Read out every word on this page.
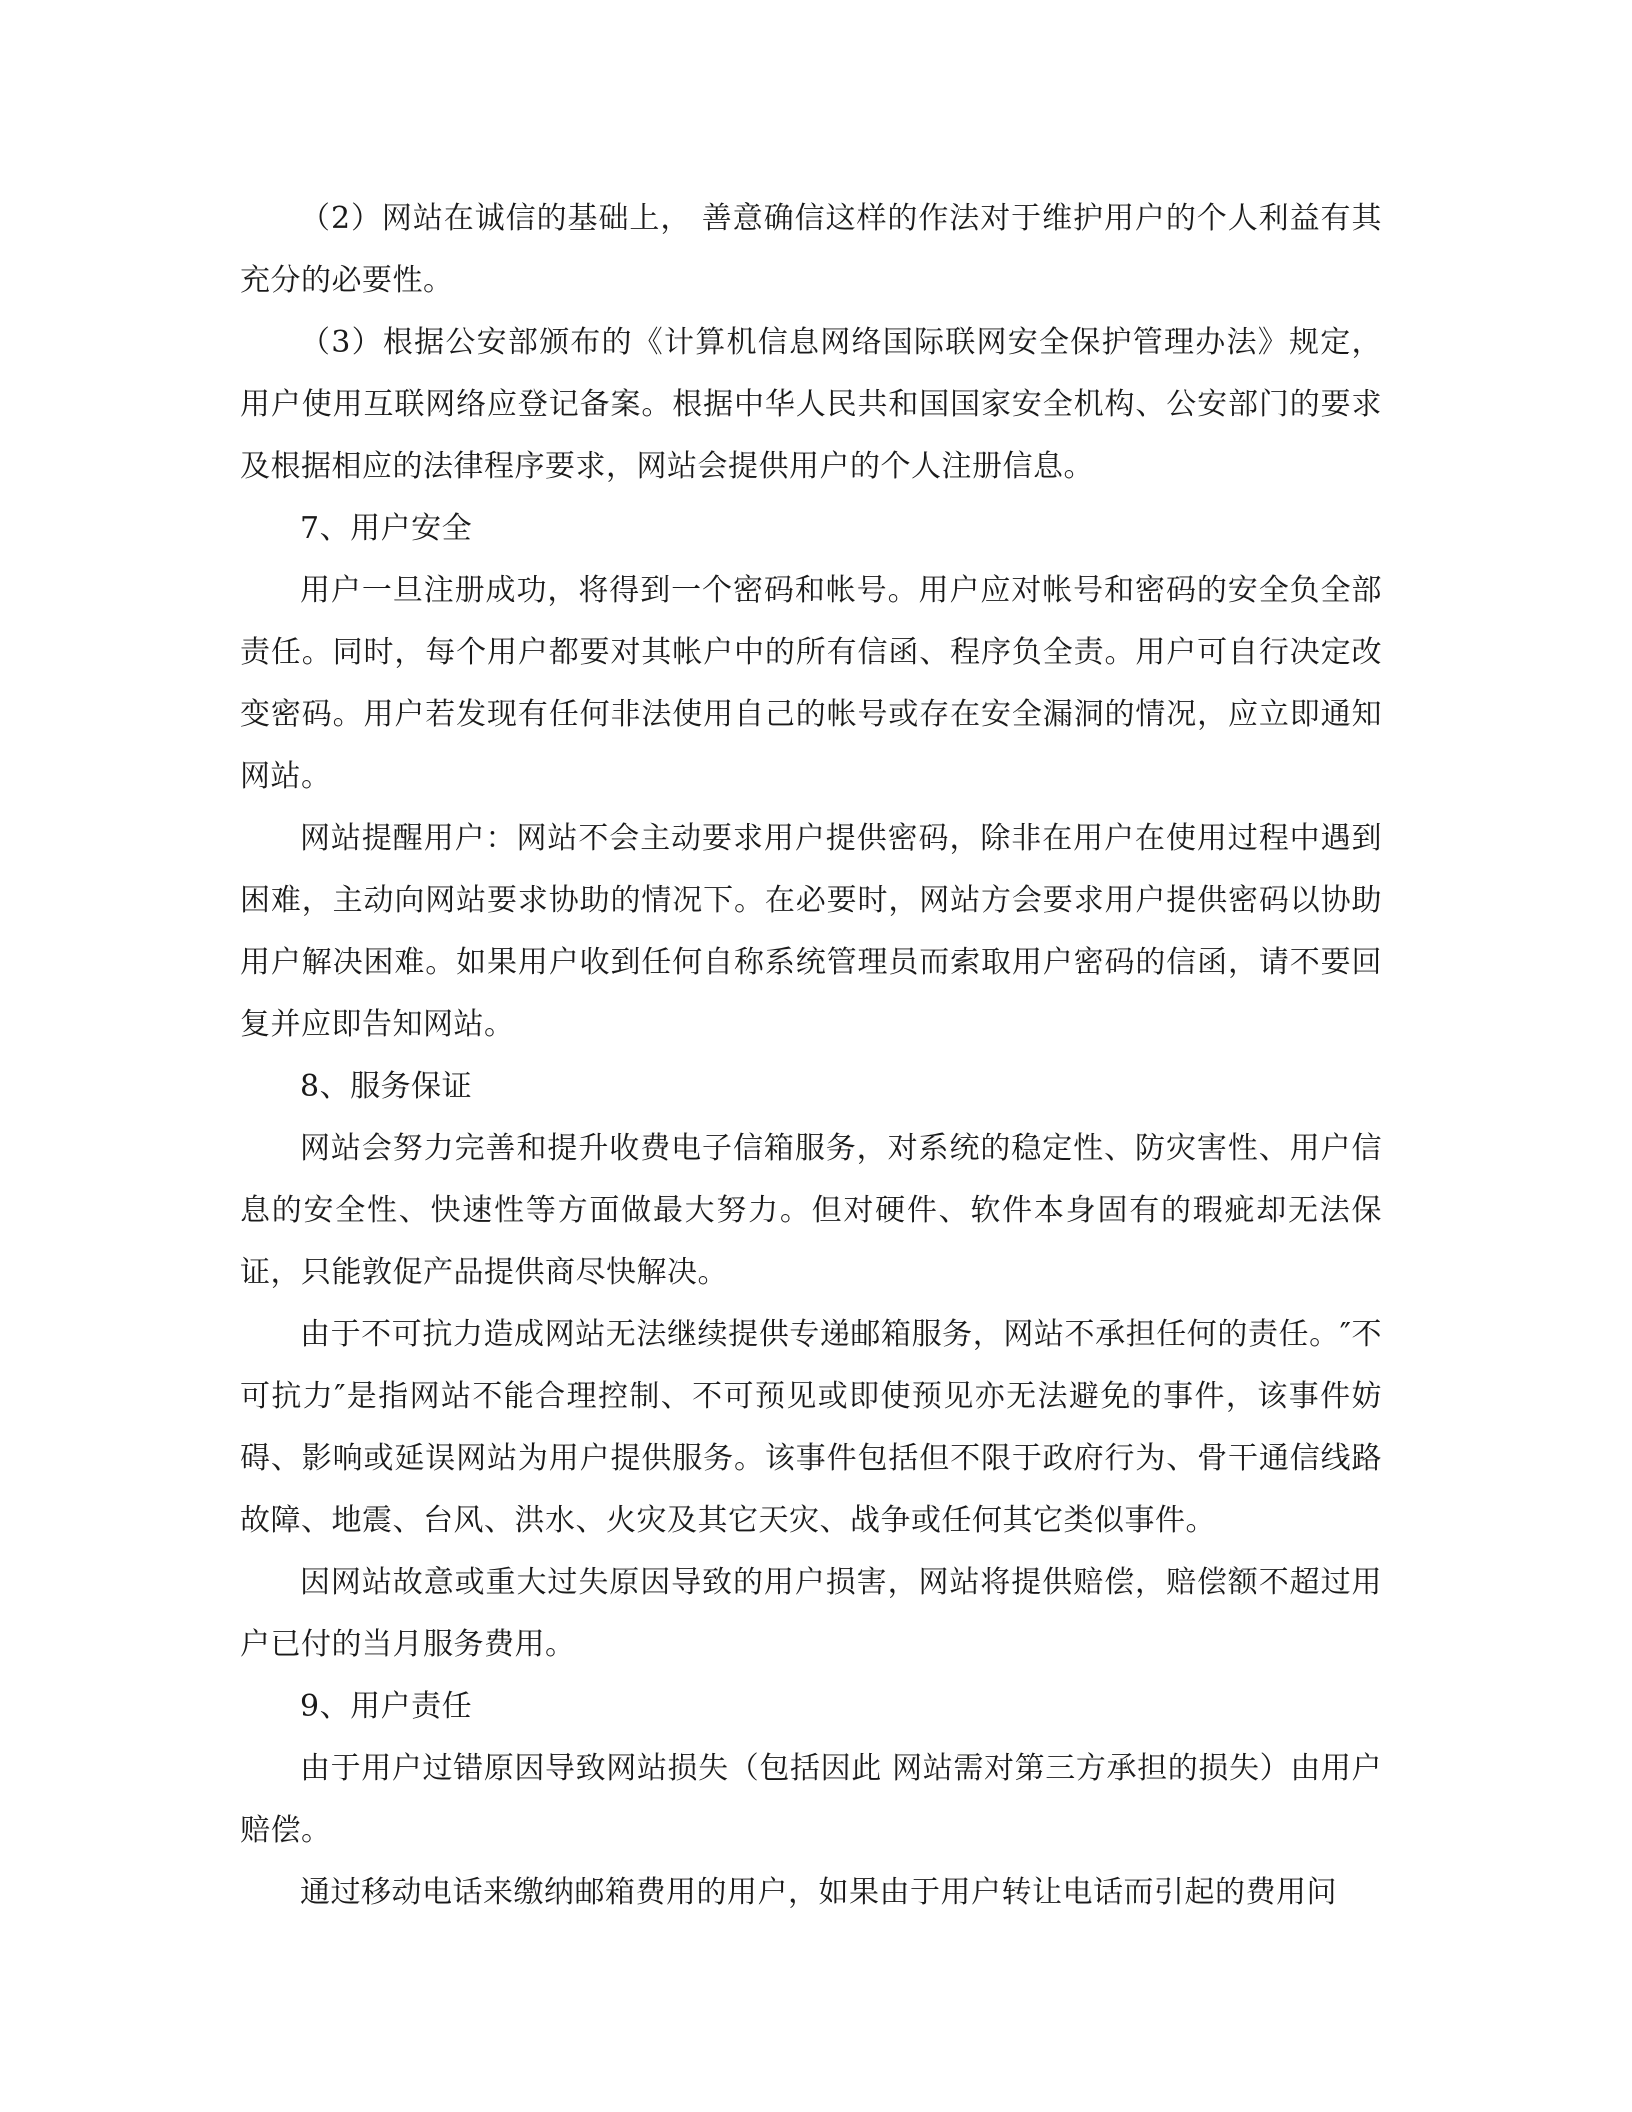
（2）网站在诚信的基础上， 善意确信这样的作法对于维护用户的个人利益有其充分的必要性。

（3）根据公安部颁布的《计算机信息网络国际联网安全保护管理办法》规定，用户使用互联网络应登记备案。根据中华人民共和国国家安全机构、公安部门的要求及根据相应的法律程序要求，网站会提供用户的个人注册信息。

7、用户安全

用户一旦注册成功，将得到一个密码和帐号。用户应对帐号和密码的安全负全部责任。同时，每个用户都要对其帐户中的所有信函、程序负全责。用户可自行决定改变密码。用户若发现有任何非法使用自己的帐号或存在安全漏洞的情况，应立即通知网站。

网站提醒用户：网站不会主动要求用户提供密码，除非在用户在使用过程中遇到困难，主动向网站要求协助的情况下。在必要时，网站方会要求用户提供密码以协助用户解决困难。如果用户收到任何自称系统管理员而索取用户密码的信函，请不要回复并应即告知网站。

8、服务保证

网站会努力完善和提升收费电子信箱服务，对系统的稳定性、防灾害性、用户信息的安全性、快速性等方面做最大努力。但对硬件、软件本身固有的瑕疵却无法保证，只能敦促产品提供商尽快解决。

由于不可抗力造成网站无法继续提供专递邮箱服务，网站不承担任何的责任。″不可抗力″是指网站不能合理控制、不可预见或即使预见亦无法避免的事件，该事件妨碍、影响或延误网站为用户提供服务。该事件包括但不限于政府行为、骨干通信线路故障、地震、台风、洪水、火灾及其它天灾、战争或任何其它类似事件。

因网站故意或重大过失原因导致的用户损害，网站将提供赔偿，赔偿额不超过用户已付的当月服务费用。

9、用户责任

由于用户过错原因导致网站损失（包括因此 网站需对第三方承担的损失）由用户赔偿。

通过移动电话来缴纳邮箱费用的用户，如果由于用户转让电话而引起的费用问
